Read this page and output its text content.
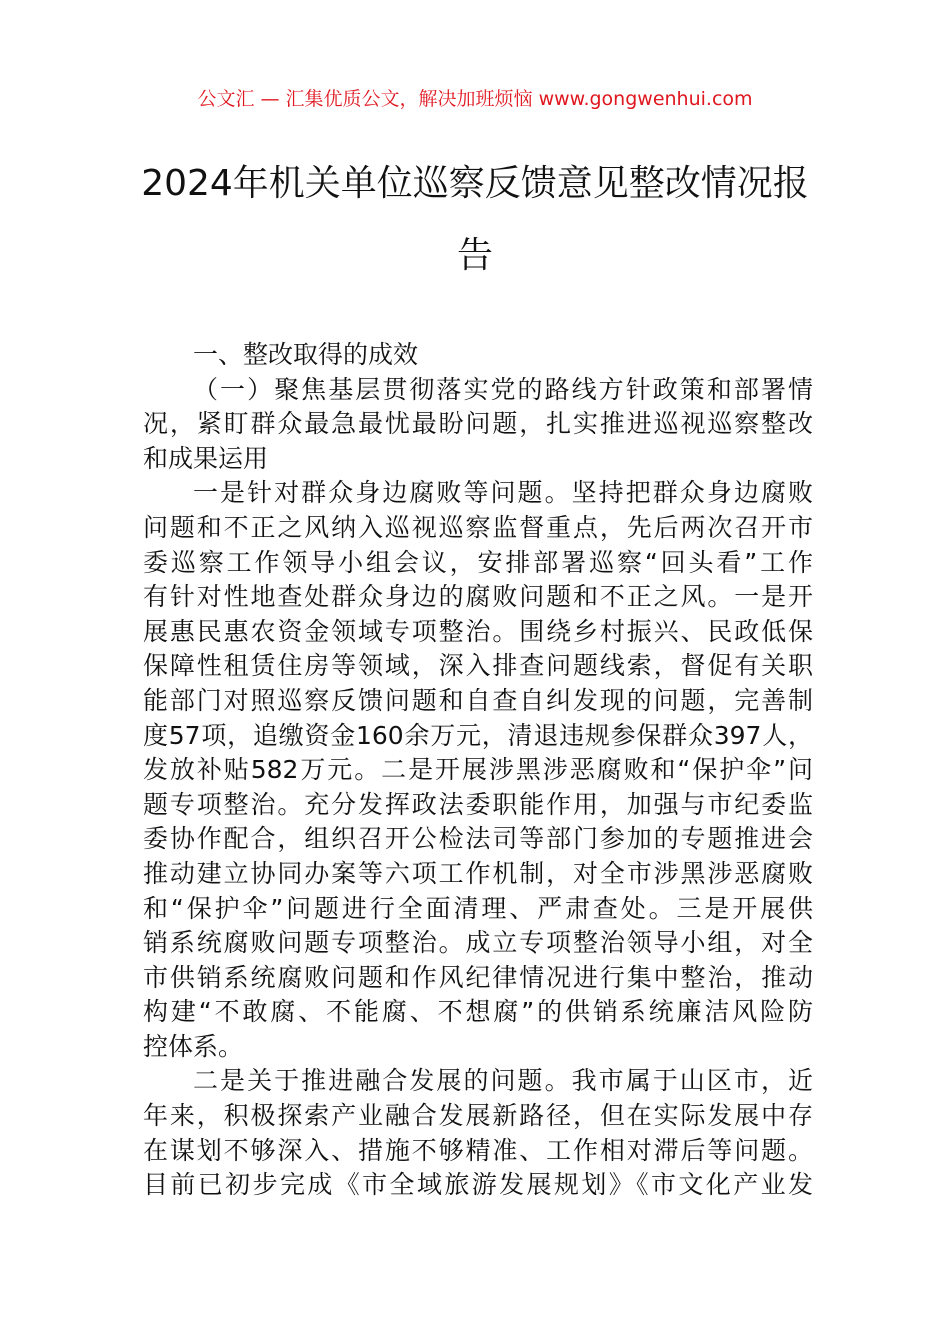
公文汇 — 汇集优质公文，解决加班烦恼 www.gongwenhui.com
2024年机关单位巡察反馈意见整改情况报
告
一、整改取得的成效
（一）聚焦基层贯彻落实党的路线方针政策和部署情
况，紧盯群众最急最忧最盼问题，扎实推进巡视巡察整改
和成果运用
一是针对群众身边腐败等问题。坚持把群众身边腐败
问题和不正之风纳入巡视巡察监督重点，先后两次召开市
委巡察工作领导小组会议，安排部署巡察“回头看”工作
有针对性地查处群众身边的腐败问题和不正之风。一是开
展惠民惠农资金领域专项整治。围绕乡村振兴、民政低保
保障性租赁住房等领域，深入排查问题线索，督促有关职
能部门对照巡察反馈问题和自查自纠发现的问题，完善制
度57项，追缴资金160余万元，清退违规参保群众397人，
发放补贴582万元。二是开展涉黑涉恶腐败和“保护伞”问
题专项整治。充分发挥政法委职能作用，加强与市纪委监
委协作配合，组织召开公检法司等部门参加的专题推进会
推动建立协同办案等六项工作机制，对全市涉黑涉恶腐败
和“保护伞”问题进行全面清理、严肃查处。三是开展供
销系统腐败问题专项整治。成立专项整治领导小组，对全
市供销系统腐败问题和作风纪律情况进行集中整治，推动
构建“不敢腐、不能腐、不想腐”的供销系统廉洁风险防
控体系。
二是关于推进融合发展的问题。我市属于山区市，近
年来，积极探索产业融合发展新路径，但在实际发展中存
在谋划不够深入、措施不够精准、工作相对滞后等问题。
目前已初步完成《市全域旅游发展规划》《市文化产业发
